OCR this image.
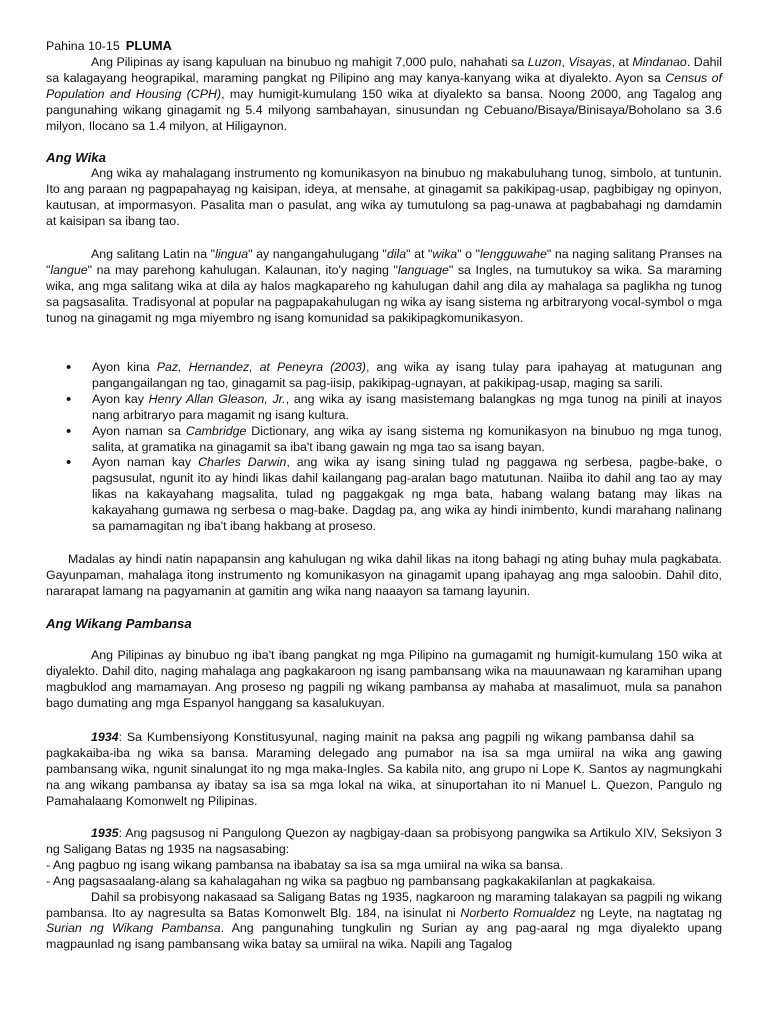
Pahina 10-15 PLUMA

Ang Pilipinas ay isang kapuluan na binubuo ng mahigit 7,000 pulo, nahahati sa Luzon, Visayas, at Mindanao. Dahil sa kalagayang heograpikal, maraming pangkat ng Pilipino ang may kanya-kanyang wika at diyalekto. Ayon sa Census of Population and Housing (CPH), may humigit-kumulang 150 wika at diyalekto sa bansa. Noong 2000, ang Tagalog ang pangunahing wikang ginagamit ng 5.4 milyong sambahayan, sinusundan ng Cebuano/Bisaya/Binisaya/Boholano sa 3.6 milyon, Ilocano sa 1.4 milyon, at Hiligaynon.

Ang Wika

Ang wika ay mahalagang instrumento ng komunikasyon na binubuo ng makabuluhang tunog, simbolo, at tuntunin. Ito ang paraan ng pagpapahayag ng kaisipan, ideya, at mensahe, at ginagamit sa pakikipag-usap, pagbibigay ng opinyon, kautusan, at impormasyon. Pasalita man o pasulat, ang wika ay tumutulong sa pag-unawa at pagbabahagi ng damdamin at kaisipan sa ibang tao.

Ang salitang Latin na "lingua" ay nangangahulugang "dila" at "wika" o "lengguwahe" na naging salitang Pranses na "langue" na may parehong kahulugan. Kalaunan, ito'y naging "language" sa Ingles, na tumutukoy sa wika. Sa maraming wika, ang mga salitang wika at dila ay halos magkapareho ng kahulugan dahil ang dila ay mahalaga sa paglikha ng tunog sa pagsasalita. Tradisyonal at popular na pagpapakahulugan ng wika ay isang sistema ng arbitraryong vocal-symbol o mga tunog na ginagamit ng mga miyembro ng isang komunidad sa pakikipagkomunikasyon.

• Ayon kina Paz, Hernandez, at Peneyra (2003), ang wika ay isang tulay para ipahayag at matugunan ang pangangailangan ng tao, ginagamit sa pag-iisip, pakikipag-ugnayan, at pakikipag-usap, maging sa sarili.
• Ayon kay Henry Allan Gleason, Jr., ang wika ay isang masistemang balangkas ng mga tunog na pinili at inayos nang arbitraryo para magamit ng isang kultura.
• Ayon naman sa Cambridge Dictionary, ang wika ay isang sistema ng komunikasyon na binubuo ng mga tunog, salita, at gramatika na ginagamit sa iba't ibang gawain ng mga tao sa isang bayan.
• Ayon naman kay Charles Darwin, ang wika ay isang sining tulad ng paggawa ng serbesa, pagbe-bake, o pagsusulat, ngunit ito ay hindi likas dahil kailangang pag-aralan bago matutunan. Naiiba ito dahil ang tao ay may likas na kakayahang magsalita, tulad ng paggakgak ng mga bata, habang walang batang may likas na kakayahang gumawa ng serbesa o mag-bake. Dagdag pa, ang wika ay hindi inimbento, kundi marahang nalinang sa pamamagitan ng iba't ibang hakbang at proseso.

Madalas ay hindi natin napapansin ang kahulugan ng wika dahil likas na itong bahagi ng ating buhay mula pagkabata. Gayunpaman, mahalaga itong instrumento ng komunikasyon na ginagamit upang ipahayag ang mga saloobin. Dahil dito, nararapat lamang na pagyamanin at gamitin ang wika nang naaayon sa tamang layunin.

Ang Wikang Pambansa

Ang Pilipinas ay binubuo ng iba't ibang pangkat ng mga Pilipino na gumagamit ng humigit-kumulang 150 wika at diyalekto. Dahil dito, naging mahalaga ang pagkakaroon ng isang pambansang wika na mauunawaan ng karamihan upang magbuklod ang mamamayan. Ang proseso ng pagpili ng wikang pambansa ay mahaba at masalimuot, mula sa panahon bago dumating ang mga Espanyol hanggang sa kasalukuyan.

1934: Sa Kumbensiyong Konstitusyunal, naging mainit na paksa ang pagpili ng wikang pambansa dahil sapagkakaiba-iba ng wika sa bansa. Maraming delegado ang pumabor na isa sa mga umiiral na wika ang gawing pambansang wika, ngunit sinalungat ito ng mga maka-Ingles. Sa kabila nito, ang grupo ni Lope K. Santos ay nagmungkahi na ang wikang pambansa ay ibatay sa isa sa mga lokal na wika, at sinuportahan ito ni Manuel L. Quezon, Pangulo ng Pamahalaang Komonwelt ng Pilipinas.

1935: Ang pagsusog ni Pangulong Quezon ay nagbigay-daan sa probisyong pangwika sa Artikulo XIV, Seksiyon 3 ng Saligang Batas ng 1935 na nagsasabing:

- Ang pagbuo ng isang wikang pambansa na ibabatay sa isa sa mga umiiral na wika sa bansa.
- Ang pagsasaalang-alang sa kahalagahan ng wika sa pagbuo ng pambansang pagkakakilanlan at pagkakaisa.

Dahil sa probisyong nakasaad sa Saligang Batas ng 1935, nagkaroon ng maraming talakayan sa pagpili ng wikang pambansa. Ito ay nagresulta sa Batas Komonwelt Blg. 184, na isinulat ni Norberto Romualdez ng Leyte, na nagtatag ng Surian ng Wikang Pambansa. Ang pangunahing tungkulin ng Surian ay ang pag-aaral ng mga diyalekto upang magpaunlad ng isang pambansang wika batay sa umiiral na wika. Napili ang Tagalog
